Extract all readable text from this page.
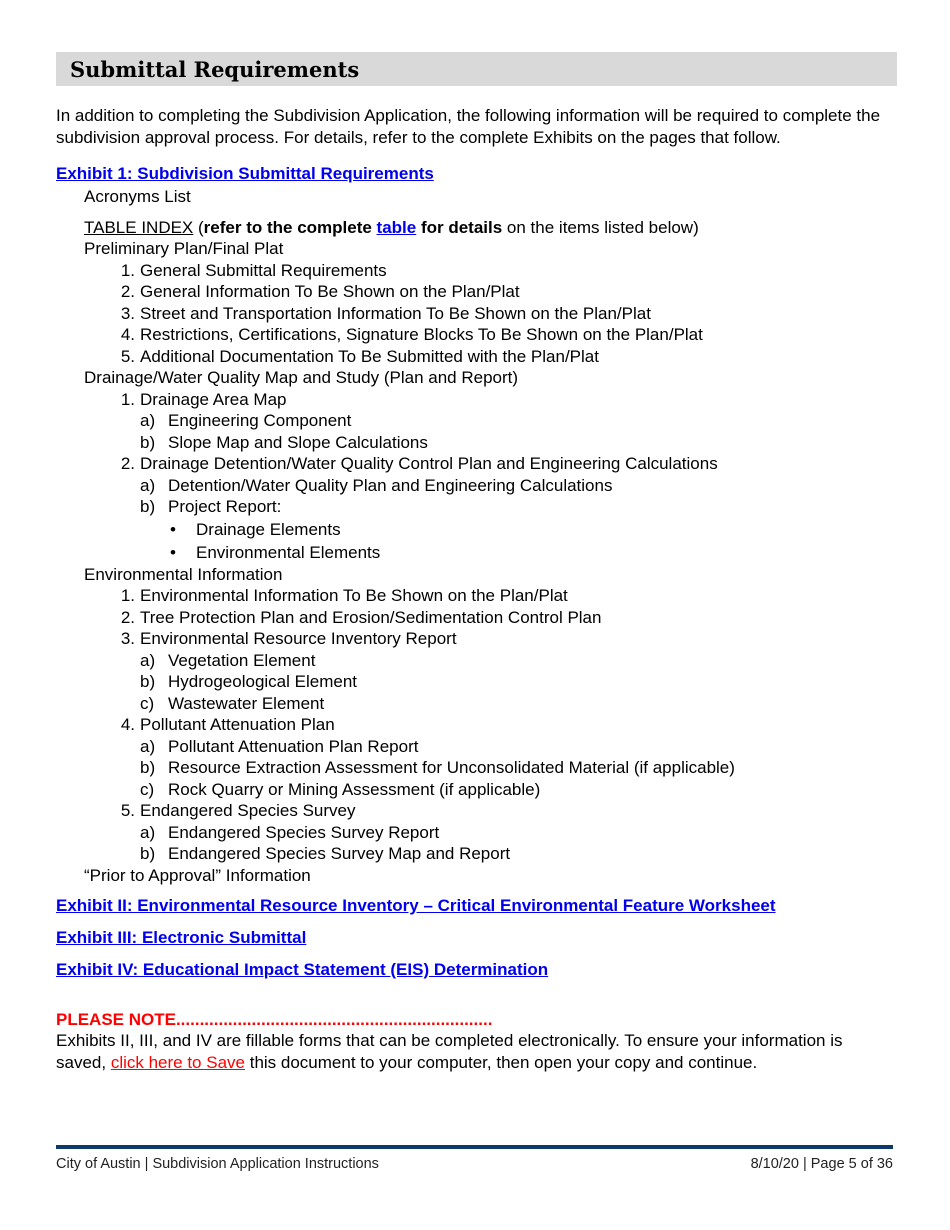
Submittal Requirements
In addition to completing the Subdivision Application, the following information will be required to complete the subdivision approval process. For details, refer to the complete Exhibits on the pages that follow.
Exhibit 1: Subdivision Submittal Requirements
Acronyms List
TABLE INDEX (refer to the complete table for details on the items listed below)
Preliminary Plan/Final Plat
1. General Submittal Requirements
2. General Information To Be Shown on the Plan/Plat
3. Street and Transportation Information To Be Shown on the Plan/Plat
4. Restrictions, Certifications, Signature Blocks To Be Shown on the Plan/Plat
5. Additional Documentation To Be Submitted with the Plan/Plat
Drainage/Water Quality Map and Study (Plan and Report)
1. Drainage Area Map
a) Engineering Component
b) Slope Map and Slope Calculations
2. Drainage Detention/Water Quality Control Plan and Engineering Calculations
a) Detention/Water Quality Plan and Engineering Calculations
b) Project Report:
•	Drainage Elements
•	Environmental Elements
Environmental Information
1. Environmental Information To Be Shown on the Plan/Plat
2. Tree Protection Plan and Erosion/Sedimentation Control Plan
3. Environmental Resource Inventory Report
a) Vegetation Element
b) Hydrogeological Element
c) Wastewater Element
4. Pollutant Attenuation Plan
a) Pollutant Attenuation Plan Report
b) Resource Extraction Assessment for Unconsolidated Material (if applicable)
c) Rock Quarry or Mining Assessment (if applicable)
5. Endangered Species Survey
a) Endangered Species Survey Report
b) Endangered Species Survey Map and Report
“Prior to Approval” Information
Exhibit II: Environmental Resource Inventory – Critical Environmental Feature Worksheet
Exhibit III: Electronic Submittal
Exhibit IV: Educational Impact Statement (EIS) Determination
PLEASE NOTE...................................................................
Exhibits II, III, and IV are fillable forms that can be completed electronically. To ensure your information is saved, click here to Save this document to your computer, then open your copy and continue.
City of Austin | Subdivision Application Instructions	8/10/20 | Page 5 of 36
